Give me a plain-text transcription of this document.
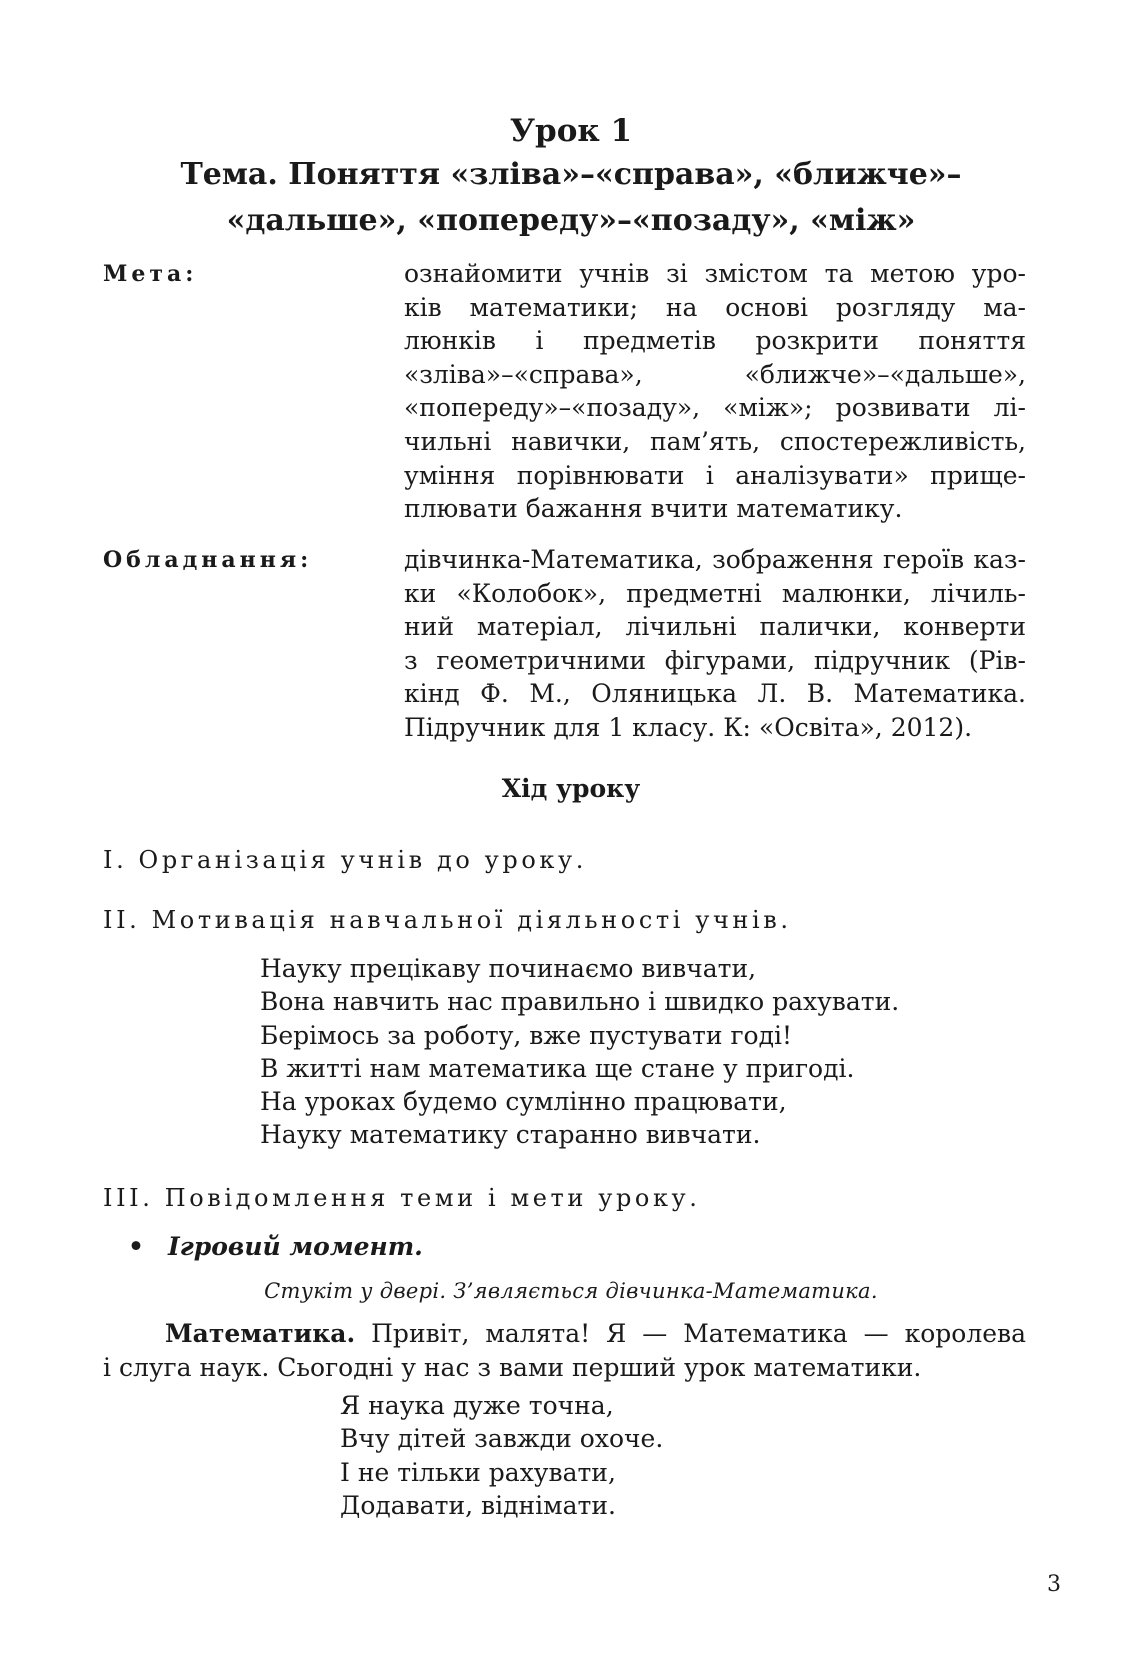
Урок 1
Тема. Поняття «зліва»–«справа», «ближче»–
«дальше», «попереду»–«позаду», «між»
Мета:	ознайомити учнів зі змістом та метою уро-
ків математики; на основі розгляду ма-
люнків і предметів розкрити поняття
«зліва»–«справа», «ближче»–«дальше»,
«попереду»–«позаду», «між»; розвивати лі-
чильні навички, пам’ять, спостережливість,
уміння порівнювати і аналізувати» прище-
плювати бажання вчити математику.
Обладнання:	дівчинка-Математика, зображення героїв каз-
ки «Колобок», предметні малюнки, лічиль-
ний матеріал, лічильні палички, конверти
з геометричними фігурами, підручник (Рів-
кінд Ф. М., Оляницька Л. В. Математика.
Підручник для 1 класу. К: «Освіта», 2012).
Хід уроку

І. Організація учнів до уроку.

ІІ. Мотивація навчальної діяльності учнів.

Науку прецікаву починаємо вивчати,
Вона навчить нас правильно і швидко рахувати.
Берімось за роботу, вже пустувати годі!
В житті нам математика ще стане у пригоді.
На уроках будемо сумлінно працювати,
Науку математику старанно вивчати.

ІІІ. Повідомлення теми і мети уроку.

• Ігровий момент.

Стукіт у двері. З’являється дівчинка-Математика.

Математика. Привіт, малята! Я — Математика — королева
і слуга наук. Сьогодні у нас з вами перший урок математики.
Я наука дуже точна,
Вчу дітей завжди охоче.
І не тільки рахувати,
Додавати, віднімати.
3
